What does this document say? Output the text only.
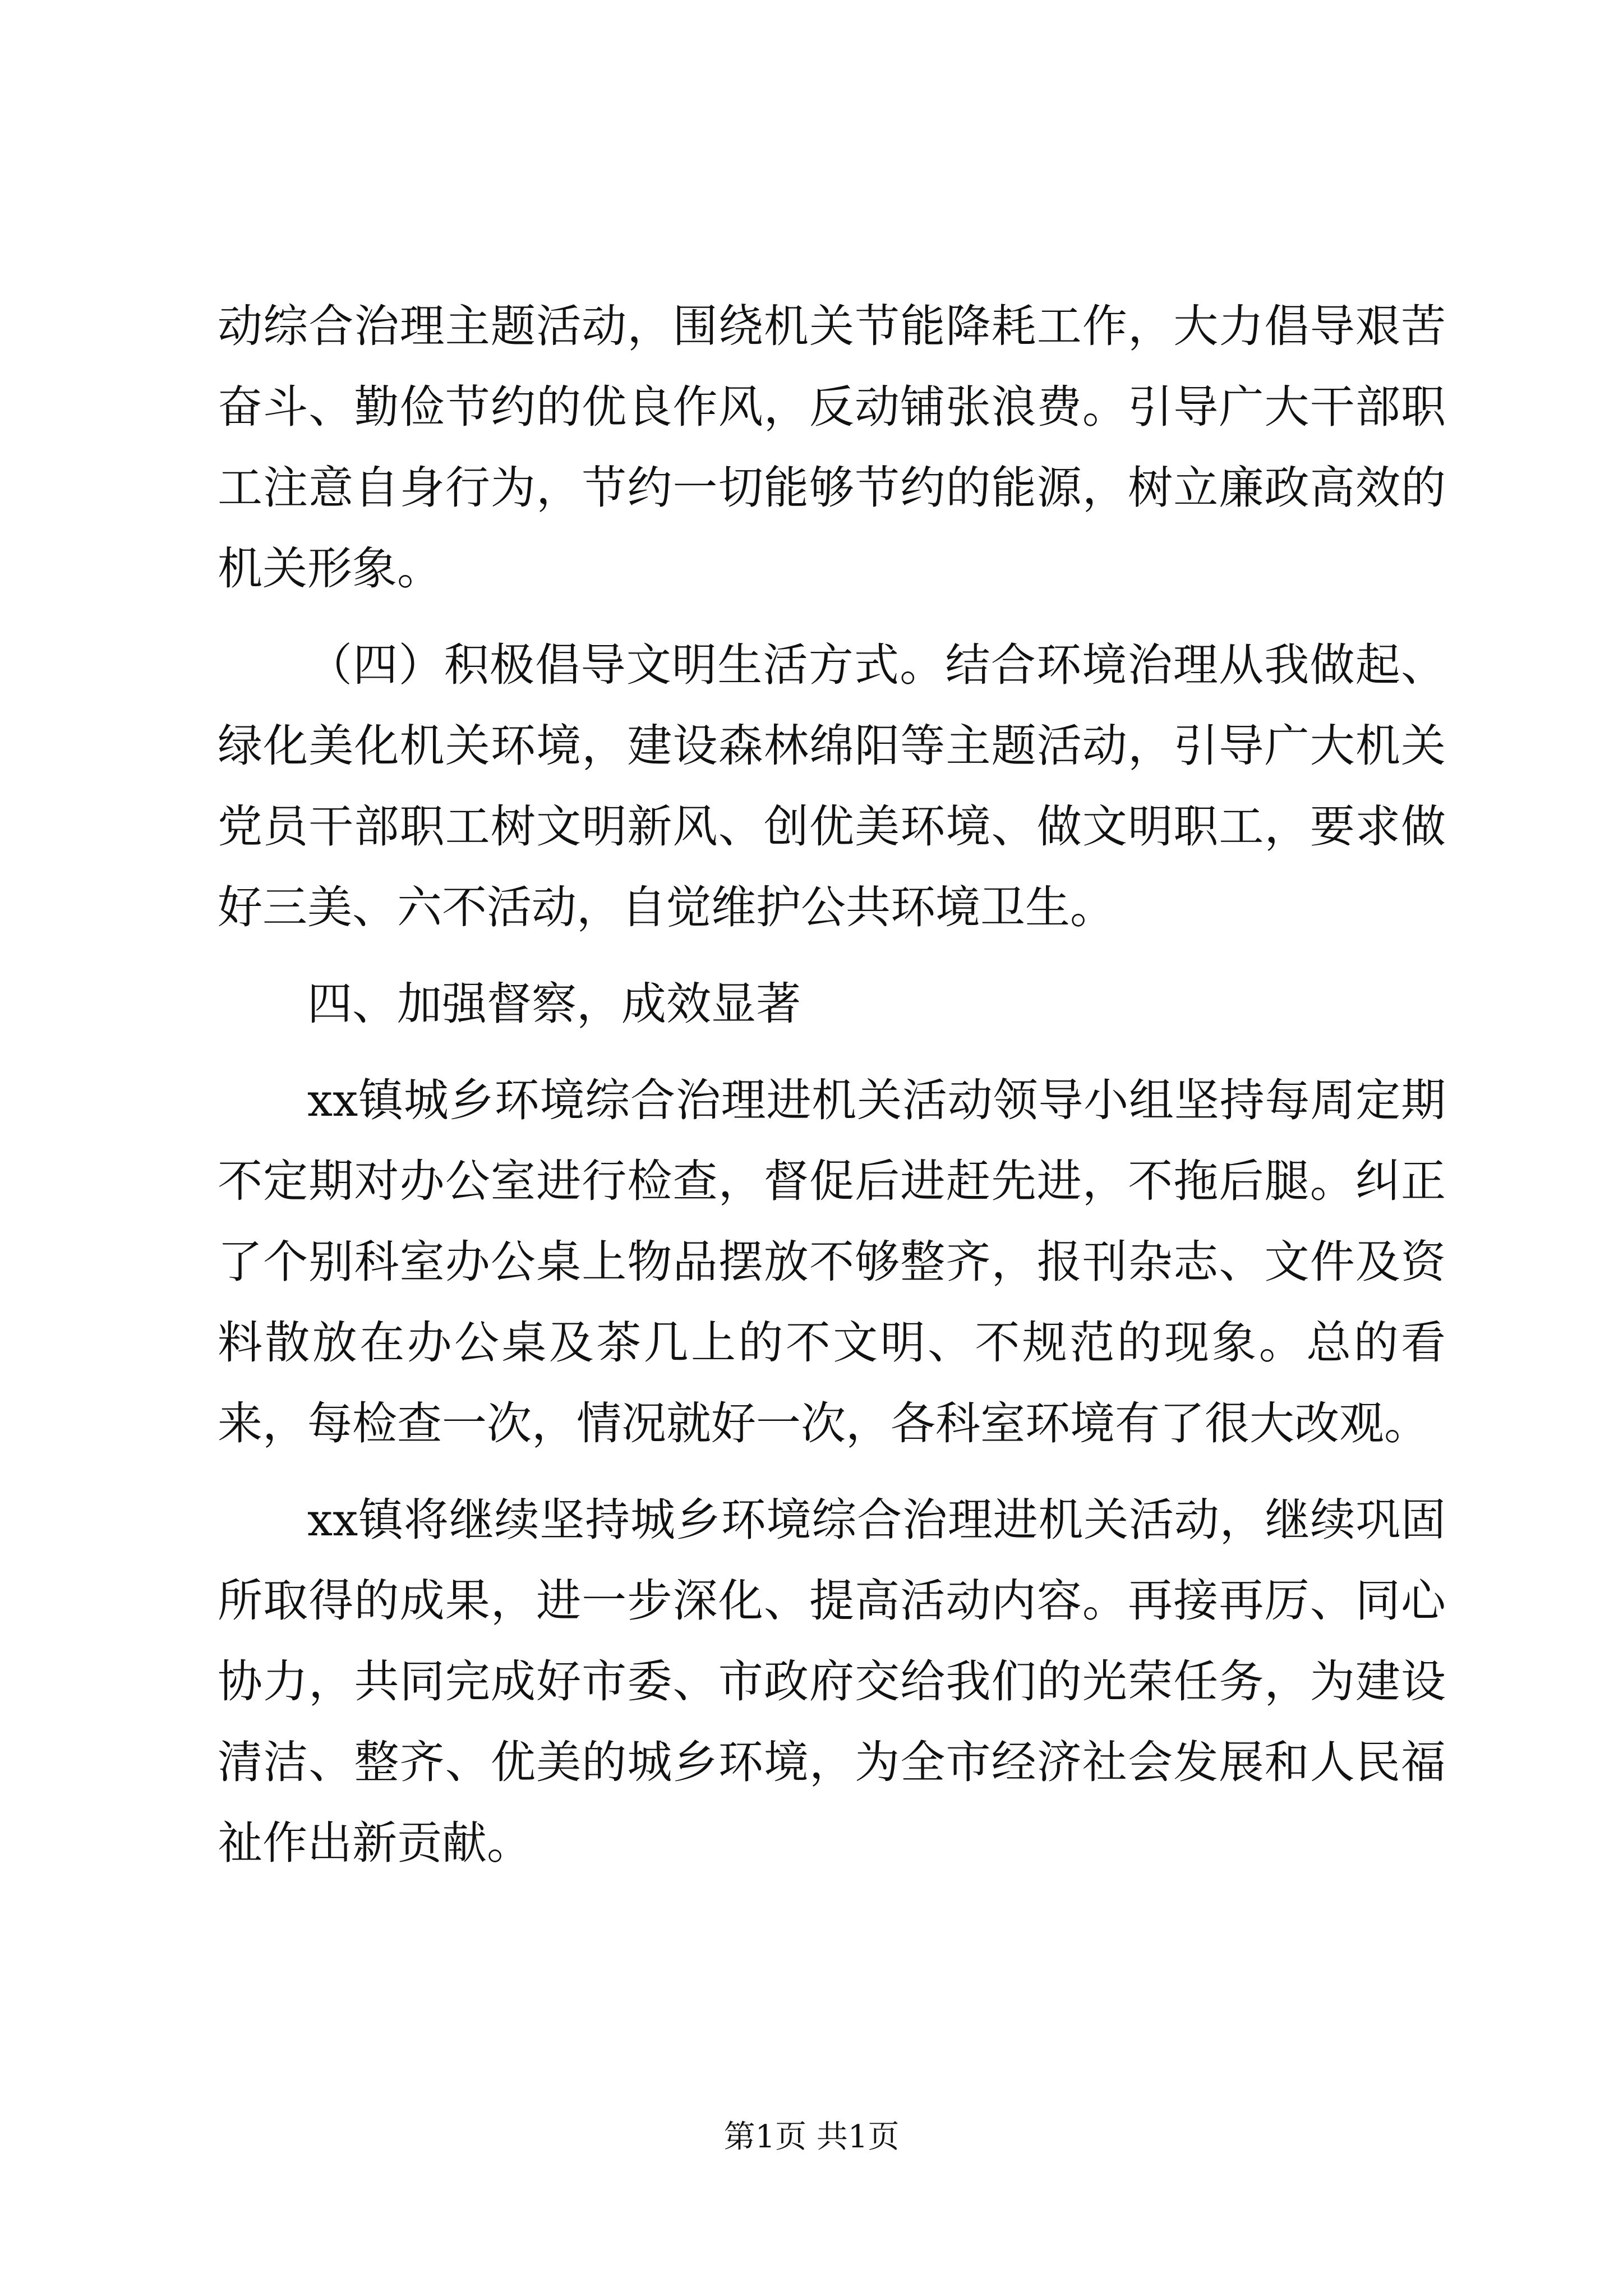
动综合治理主题活动，围绕机关节能降耗工作，大力倡导艰苦奋斗、勤俭节约的优良作风，反动铺张浪费。引导广大干部职工注意自身行为，节约一切能够节约的能源，树立廉政高效的机关形象。

（四）积极倡导文明生活方式。结合环境治理从我做起、绿化美化机关环境，建设森林绵阳等主题活动，引导广大机关党员干部职工树文明新风、创优美环境、做文明职工，要求做好三美、六不活动，自觉维护公共环境卫生。

四、加强督察，成效显著

xx镇城乡环境综合治理进机关活动领导小组坚持每周定期不定期对办公室进行检查，督促后进赶先进，不拖后腿。纠正了个别科室办公桌上物品摆放不够整齐，报刊杂志、文件及资料散放在办公桌及茶几上的不文明、不规范的现象。总的看来，每检查一次，情况就好一次，各科室环境有了很大改观。

xx镇将继续坚持城乡环境综合治理进机关活动，继续巩固所取得的成果，进一步深化、提高活动内容。再接再厉、同心协力，共同完成好市委、市政府交给我们的光荣任务，为建设清洁、整齐、优美的城乡环境，为全市经济社会发展和人民福祉作出新贡献。

第1页 共1页
